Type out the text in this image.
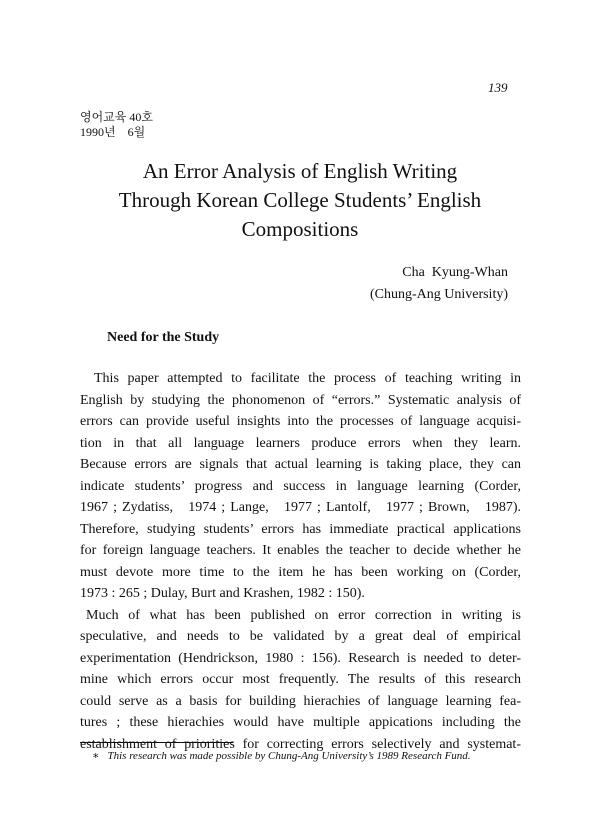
139
영어교육 40호
1990년    6월
An Error Analysis of English Writing
Through Korean College Students’ English
Compositions
Cha  Kyung-Whan
(Chung-Ang University)
Need for the Study
This paper attempted to facilitate the process of teaching writing in
English by studying the phonomenon of “errors.” Systematic analysis of
errors can provide useful insights into the processes of language acquisi-
tion in that all language learners produce errors when they learn.
Because errors are signals that actual learning is taking place, they can
indicate students’ progress and success in language learning (Corder,
1967 ; Zydatiss,   1974 ; Lange,   1977 ; Lantolf,   1977 ; Brown,   1987).
Therefore, studying students’ errors has immediate practical applications
for foreign language teachers. It enables the teacher to decide whether he
must devote more time to the item he has been working on (Corder,
1973 : 265 ; Dulay, Burt and Krashen, 1982 : 150).
Much of what has been published on error correction in writing is
speculative, and needs to be validated by a great deal of empirical
experimentation (Hendrickson, 1980 : 156). Research is needed to deter-
mine which errors occur most frequently. The results of this research
could serve as a basis for building hierachies of language learning fea-
tures ; these hierachies would have multiple appications including the
establishment of priorities for correcting errors selectively and systemat-
∗ This research was made possible by Chung-Ang University’s 1989 Research Fund.
